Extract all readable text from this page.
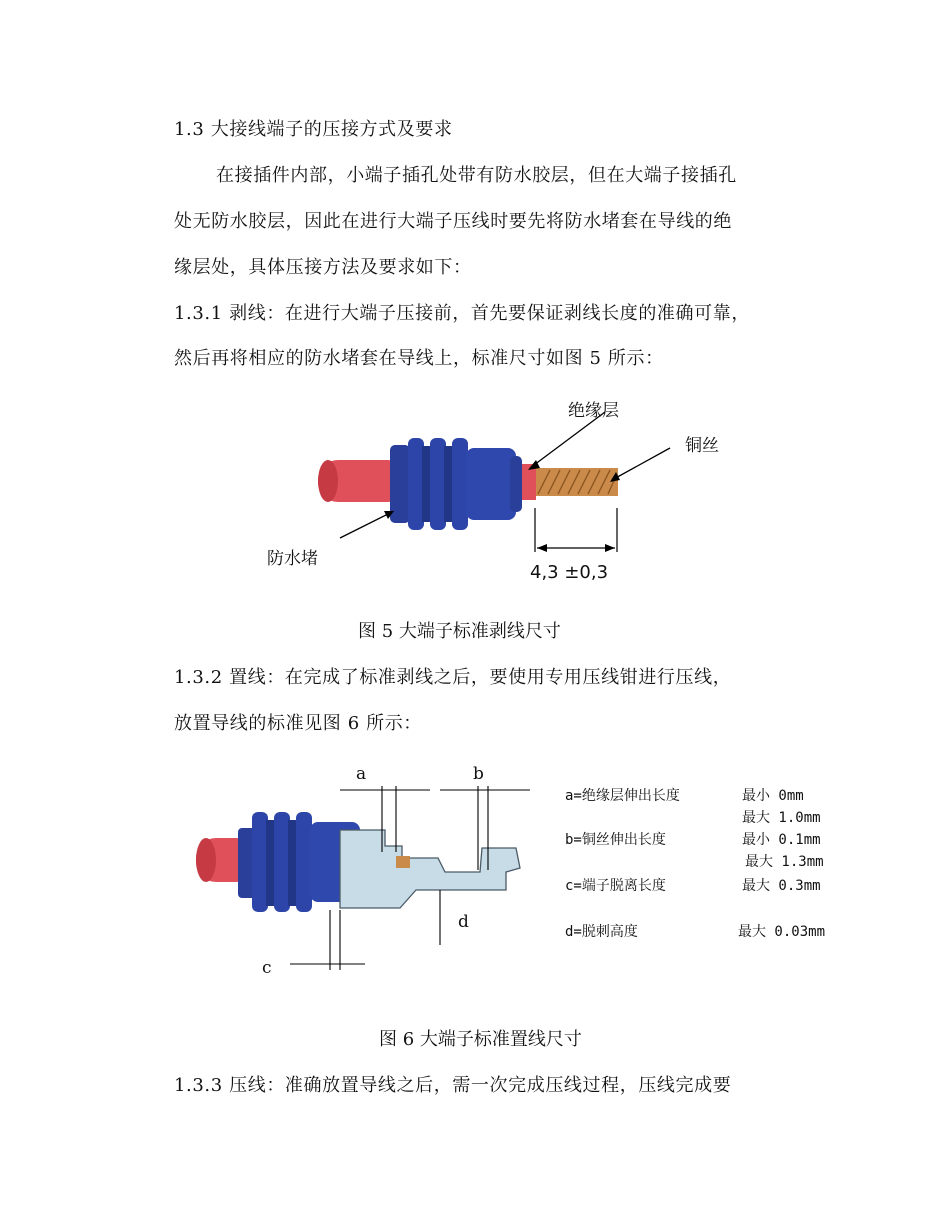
1.3 大接线端子的压接方式及要求
在接插件内部，小端子插孔处带有防水胶层，但在大端子接插孔
处无防水胶层，因此在进行大端子压线时要先将防水堵套在导线的绝
缘层处，具体压接方法及要求如下：
1.3.1 剥线：在进行大端子压接前，首先要保证剥线长度的准确可靠，
然后再将相应的防水堵套在导线上，标准尺寸如图 5 所示：
绝缘层
铜丝
防水堵
4,3 ±0,3
图 5 大端子标准剥线尺寸
1.3.2 置线：在完成了标准剥线之后，要使用专用压线钳进行压线，
放置导线的标准见图 6 所示：
a	b
c
d
a=绝缘层伸出长度	最小 0mm
最大 1.0mm
b=铜丝伸出长度	最小 0.1mm
最大 1.3mm
c=端子脱离长度	最大 0.3mm
d=脱刺高度	最大 0.03mm
图 6 大端子标准置线尺寸
1.3.3 压线：准确放置导线之后，需一次完成压线过程，压线完成要
